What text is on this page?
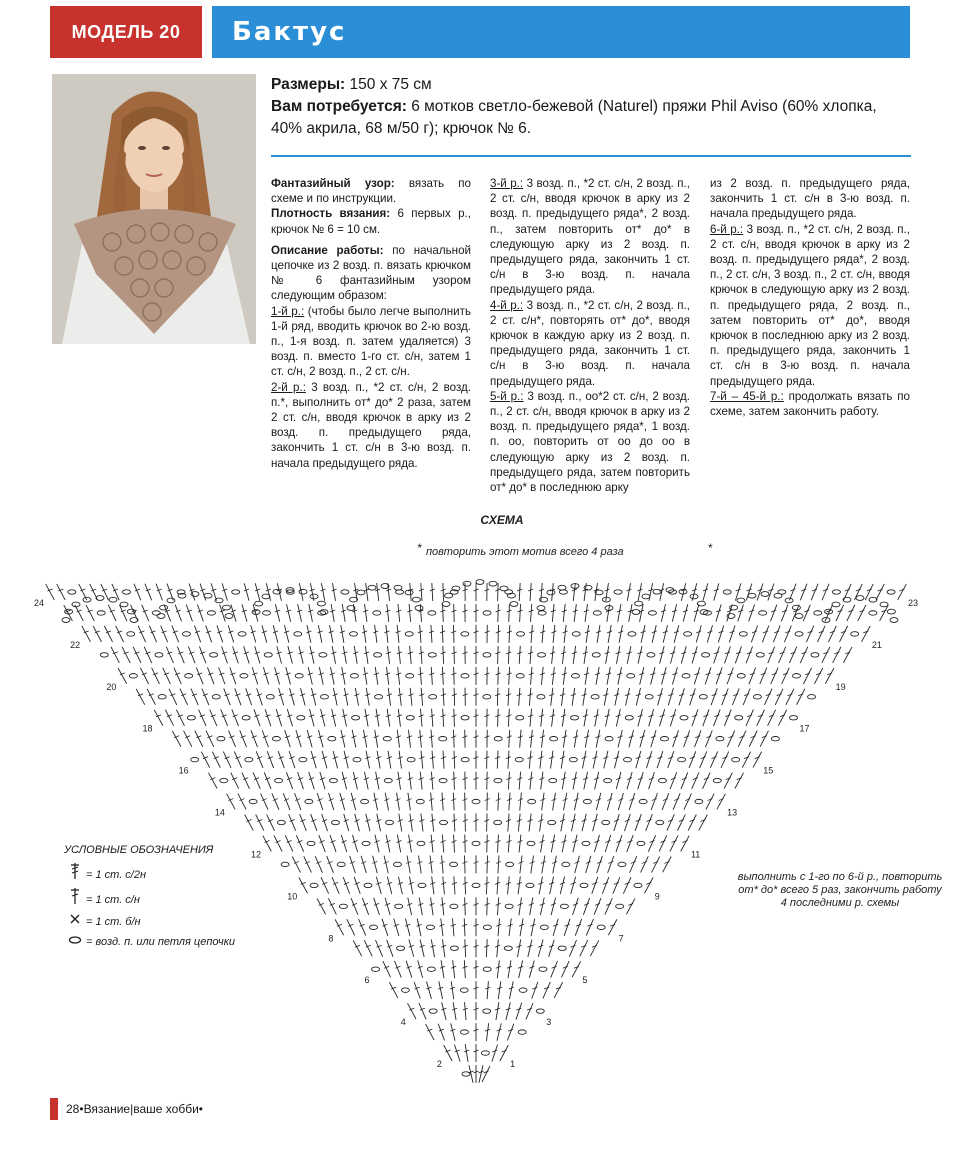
МОДЕЛЬ 20	Бактус

Размеры: 150 х 75 см

Вам потребуется: 6 мотков светло-бежевой (Naturel) пряжи Phil Aviso (60% хлопка, 40% акрила, 68 м/50 г); крючок № 6.

Фантазийный узор: вязать по схеме и по инструкции.
Плотность вязания: 6 первых р., крючок № 6 = 10 см.

Описание работы: по начальной цепочке из 2 возд. п. вязать крючком № 6 фантазийным узором следующим образом:
1-й р.: (чтобы было легче выполнить 1-й ряд, вводить крючок во 2-ю возд. п., 1-я возд. п. затем удаляется) 3 возд. п. вместо 1-го ст. с/н, затем 1 ст. с/н, 2 возд. п., 2 ст. с/н.
2-й р.: 3 возд. п., *2 ст. с/н, 2 возд. п.*, выполнить от* до* 2 раза, затем 2 ст. с/н, вводя крючок в арку из 2 возд. п. предыдущего ряда, закончить 1 ст. с/н в 3-ю возд. п. начала предыдущего ряда.

3-й р.: 3 возд. п., *2 ст. с/н, 2 возд. п., 2 ст. с/н, вводя крючок в арку из 2 возд. п. предыдущего ряда*, 2 возд. п., затем повторить от* до* в следующую арку из 2 возд. п. предыдущего ряда, закончить 1 ст. с/н в 3-ю возд. п. начала предыдущего ряда.
4-й р.: 3 возд. п., *2 ст. с/н, 2 возд. п., 2 ст. с/н*, повторять от* до*, вводя крючок в каждую арку из 2 возд. п. предыдущего ряда, закончить 1 ст. с/н в 3-ю возд. п. начала предыдущего ряда.
5-й р.: 3 возд. п., оо*2 ст. с/н, 2 возд. п., 2 ст. с/н, вводя крючок в арку из 2 возд. п. предыдущего ряда*, 1 возд. п. оо, повторить от оо до оо в следующую арку из 2 возд. п. предыдущего ряда, затем повторить от* до* в последнюю арку

из 2 возд. п. предыдущего ряда, закончить 1 ст. с/н в 3-ю возд. п. начала предыдущего ряда.
6-й р.: 3 возд. п., *2 ст. с/н, 2 возд. п., 2 ст. с/н, вводя крючок в арку из 2 возд. п. предыдущего ряда*, 2 возд. п., 2 ст. с/н, 3 возд. п., 2 ст. с/н, вводя крючок в следующую арку из 2 возд. п. предыдущего ряда, 2 возд. п., затем повторить от* до*, вводя крючок в последнюю арку из 2 возд. п. предыдущего ряда, закончить 1 ст. с/н в 3-ю возд. п. начала предыдущего ряда.
7-й – 45-й р.: продолжать вязать по схеме, затем закончить работу.

СХЕМА
повторить этот мотив всего 4 раза
*	*
24
22
20
18
16
14
12
10
8
6
4
2
23
21
19
17
15
13
11
9
7
5
3
1
выполнить с 1-го по 6-й р., повторить
от* до* всего 5 раз, закончить работу
4 последними р. схемы
УСЛОВНЫЕ ОБОЗНАЧЕНИЯ
= 1 ст. с/2н
= 1 ст. с/н
= 1 ст. б/н
= возд. п. или петля цепочки
28 • Вязание | ваше хобби •
